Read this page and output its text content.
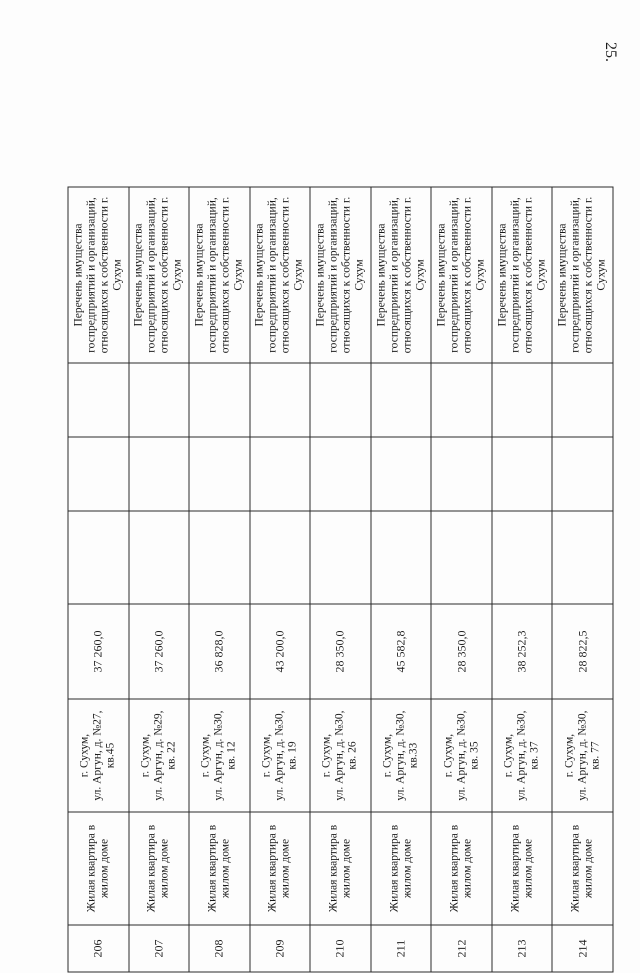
25.
206	Жилая квартира в жилом доме	г. Сухум,
ул. Аргун, д. №27,
кв.45	37 260,0				Перечень имущества госпредприятий и организаций, относящихся к собственности г. Сухум
207	Жилая квартира в жилом доме	г. Сухум,
ул. Аргун, д. №29,
кв. 22	37 260,0				Перечень имущества госпредприятий и организаций, относящихся к собственности г. Сухум
208	Жилая квартира в жилом доме	г. Сухум,
ул. Аргун, д. №30,
кв. 12	36 828,0				Перечень имущества госпредприятий и организаций, относящихся к собственности г. Сухум
209	Жилая квартира в жилом доме	г. Сухум,
ул. Аргун, д. №30,
кв. 19	43 200,0				Перечень имущества госпредприятий и организаций, относящихся к собственности г. Сухум
210	Жилая квартира в жилом доме	г. Сухум,
ул. Аргун, д. №30,
кв. 26	28 350,0				Перечень имущества госпредприятий и организаций, относящихся к собственности г. Сухум
211	Жилая квартира в жилом доме	г. Сухум,
ул. Аргун, д. №30,
кв.33	45 582,8				Перечень имущества госпредприятий и организаций, относящихся к собственности г. Сухум
212	Жилая квартира в жилом доме	г. Сухум,
ул. Аргун, д. №30,
кв. 35	28 350,0				Перечень имущества госпредприятий и организаций, относящихся к собственности г. Сухум
213	Жилая квартира в жилом доме	г. Сухум,
ул. Аргун, д. №30,
кв. 37	38 252,3				Перечень имущества госпредприятий и организаций, относящихся к собственности г. Сухум
214	Жилая квартира в жилом доме	г. Сухум,
ул. Аргун, д. №30,
кв. 77	28 822,5				Перечень имущества госпредприятий и организаций, относящихся к собственности г. Сухум
